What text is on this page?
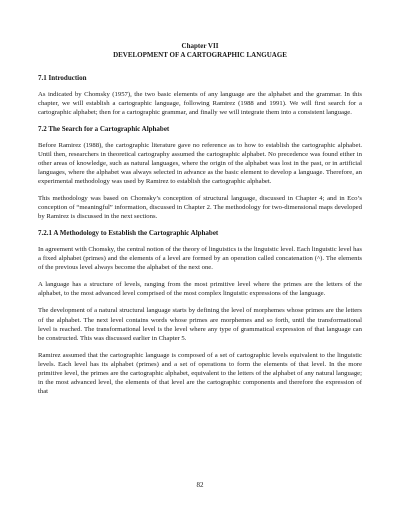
Chapter VII
DEVELOPMENT OF A CARTOGRAPHIC LANGUAGE
7.1 Introduction

As indicated by Chomsky (1957), the two basic elements of any language are the alphabet and the grammar. In this chapter, we will establish a cartographic language, following Ramirez (1988 and 1991). We will first search for a cartographic alphabet; then for a cartographic grammar, and finally we will integrate them into a consistent language.

7.2 The Search for a Cartographic Alphabet

Before Ramirez (1988), the cartographic literature gave no reference as to how to establish the cartographic alphabet. Until then, researchers in theoretical cartography assumed the cartographic alphabet. No precedence was found either in other areas of knowledge, such as natural languages, where the origin of the alphabet was lost in the past, or in artificial languages, where the alphabet was always selected in advance as the basic element to develop a language. Therefore, an experimental methodology was used by Ramirez to establish the cartographic alphabet.

This methodology was based on Chomsky’s conception of structural language, discussed in Chapter 4; and in Eco’s conception of “meaningful” information, discussed in Chapter 2. The methodology for two-dimensional maps developed by Ramirez is discussed in the next sections.

7.2.1 A Methodology to Establish the Cartographic Alphabet

In agreement with Chomsky, the central notion of the theory of linguistics is the linguistic level. Each linguistic level has a fixed alphabet (primes) and the elements of a level are formed by an operation called concatenation (^). The elements of the previous level always become the alphabet of the next one.

A language has a structure of levels, ranging from the most primitive level where the primes are the letters of the alphabet, to the most advanced level comprised of the most complex linguistic expressions of the language.

The development of a natural structural language starts by defining the level of morphemes whose primes are the letters of the alphabet. The next level contains words whose primes are morphemes and so forth, until the transformational level is reached. The transformational level is the level where any type of grammatical expression of that language can be constructed. This was discussed earlier in Chapter 5.

Ramirez assumed that the cartographic language is composed of a set of cartographic levels equivalent to the linguistic levels. Each level has its alphabet (primes) and a set of operations to form the elements of that level. In the more primitive level, the primes are the cartographic alphabet, equivalent to the letters of the alphabet of any natural language; in the most advanced level, the elements of that level are the cartographic components and therefore the expression of that

82
